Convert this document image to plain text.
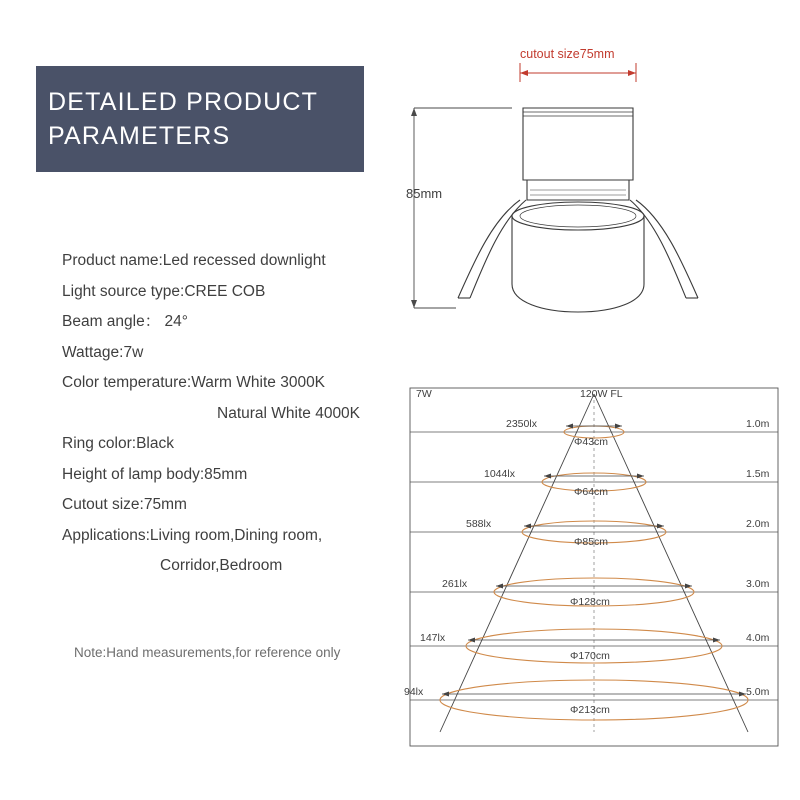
DETAILED PRODUCT
PARAMETERS
Product name:Led recessed downlight
Light source type:CREE COB
Beam angle： 24°
Wattage:7w
Color temperature:Warm White 3000K
Natural White 4000K
Ring color:Black
Height of lamp body:85mm
Cutout size:75mm
Applications:Living room,Dining room,
Corridor,Bedroom
Note:Hand measurements,for reference only
cutout size75mm
85mm
7W	120W FL
2350lx
1044lx
588lx
261lx
147lx
94lx
Φ43cm
Φ64cm
Φ85cm
Φ128cm
Φ170cm
Φ213cm
1.0m
1.5m
2.0m
3.0m
4.0m
5.0m
